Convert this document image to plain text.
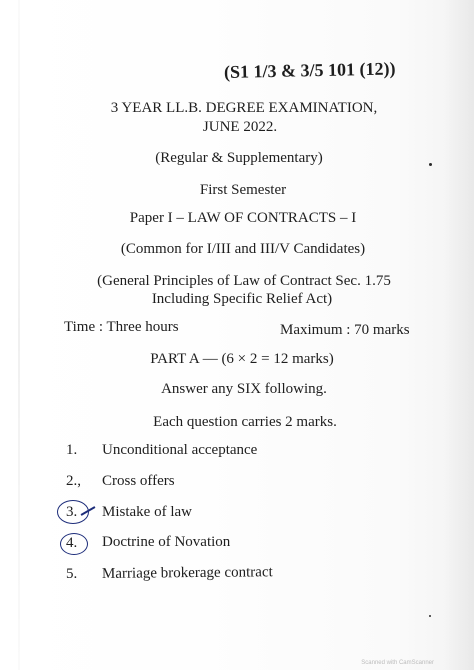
(S1 1/3 & 3/5 101 (12))
3 YEAR LL.B. DEGREE EXAMINATION,
JUNE 2022.
(Regular & Supplementary)
First Semester
Paper I – LAW OF CONTRACTS – I
(Common for I/III and III/V Candidates)
(General Principles of Law of Contract Sec. 1.75
Including Specific Relief Act)
Time : Three hours	Maximum : 70 marks
PART A — (6 × 2 = 12 marks)
Answer any SIX following.
Each question carries 2 marks.
1. Unconditional acceptance
2., Cross offers
3. Mistake of law
4. Doctrine of Novation
5. Marriage brokerage contract
Scanned with CamScanner
